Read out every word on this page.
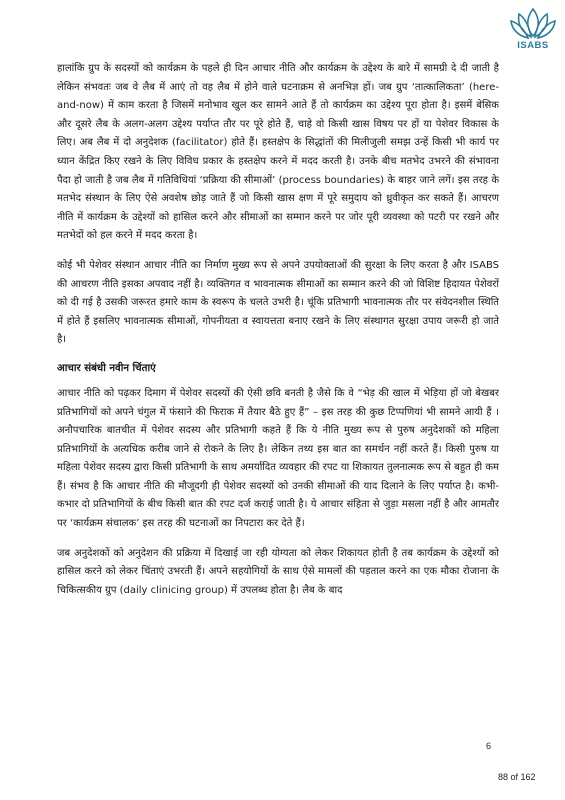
ISABS

हालांकि ग्रुप के सदस्यों को कार्यक्रम के पहले ही दिन आचार नीति और कार्यक्रम के उद्देश्य के बारे में सामग्री दे दी जाती है लेकिन संभवतः जब वे लैब में आएं तो वह लैब में होने वाले घटनाक्रम से अनभिज्ञ हों। जब ग्रुप ‘तात्कालिकता’ (here-and-now) में काम करता है जिसमें मनोभाव खुल कर सामने आते हैं तो कार्यक्रम का उद्देश्य पूरा होता है। इसमें बेसिक और दूसरे लैब के अलग-अलग उद्देश्य पर्याप्त तौर पर पूरे होते हैं, चाहे वो किसी खास विषय पर हों या पेशेवर विकास के लिए। अब लैब में दो अनुदेशक (facilitator) होते हैं। हस्तक्षेप के सिद्धांतों की मिलीजुली समझ उन्हें किसी भी कार्य पर ध्यान केंद्रित किए रखने के लिए विविध प्रकार के हस्तक्षेप करने में मदद करती है। उनके बीच मतभेद उभरने की संभावना पैदा हो जाती है जब लैब में गतिविधियां ‘प्रक्रिया की सीमाओं’ (process boundaries) के बाहर जाने लगें। इस तरह के मतभेद संस्थान के लिए ऐसे अवशेष छोड़ जाते हैं जो किसी खास क्षण में पूरे समुदाय को ध्रुवीकृत कर सकते हैं। आचरण नीति में कार्यक्रम के उद्देश्यों को हासिल करने और सीमाओं का सम्मान करने पर जोर पूरी व्यवस्था को पटरी पर रखने और मतभेदों को हल करने में मदद करता है।

कोई भी पेशेवर संस्थान आचार नीति का निर्माण मुख्य रूप से अपने उपयोक्ताओं की सुरक्षा के लिए करता है और ISABS की आचरण नीति इसका अपवाद नहीं है। व्यक्तिगत व भावनात्मक सीमाओं का सम्मान करने की जो विशिष्ट हिदायत पेशेवरों को दी गई है उसकी जरूरत हमारे काम के स्वरूप के चलते उभरी है। चूंकि प्रतिभागी भावनात्मक तौर पर संवेदनशील स्थिति में होते हैं इसलिए भावनात्मक सीमाओं, गोपनीयता व स्वायत्तता बनाए रखने के लिए संस्थागत सुरक्षा उपाय जरूरी हो जाते है।

आचार संबंधी नवीन चिंताएं

आचार नीति को पढ़कर दिमाग में पेशेवर सदस्यों की ऐसी छवि बनती है जैसे कि वे “भेड़ की खाल में भेड़िया हों जो बेखबर प्रतिभागियों को अपने चंगुल में फंसाने की फिराक में तैयार बैठे हुए हैं” – इस तरह की कुछ टिप्पणियां भी सामने आयी हैं । अनौपचारिक बातचीत में पेशेवर सदस्य और प्रतिभागी कहते हैं कि ये नीति मुख्य रूप से पुरुष अनुदेशकों को महिला प्रतिभागियों के अत्यधिक करीब जाने से रोकने के लिए है। लेकिन तथ्य इस बात का समर्थन नहीं करते हैं। किसी पुरुष या महिला पेशेवर सदस्य द्वारा किसी प्रतिभागी के साथ अमर्यादित व्यवहार की रपट या शिकायत तुलनात्मक रूप से बहुत ही कम हैं। संभव है कि आचार नीति की मौजूदगी ही पेशेवर सदस्यों को उनकी सीमाओं की याद दिलाने के लिए पर्याप्त है। कभी-कभार दो प्रतिभागियों के बीच किसी बात की रपट दर्ज कराई जाती है। ये आचार संहिता से जुड़ा मसला नहीं है और आमतौर पर ‘कार्यक्रम संचालक’ इस तरह की घटनाओं का निपटारा कर देते हैं।

जब अनुदेशकों को अनुदेशन की प्रक्रिया में दिखाई जा रही योग्यता को लेकर शिकायत होती है तब कार्यक्रम के उद्देश्यों को हासिल करने को लेकर चिंताएं उभरती हैं। अपने सहयोगियों के साथ ऐसे मामलों की पड़ताल करने का एक मौका रोजाना के चिकित्सकीय ग्रुप (daily clinicing group) में उपलब्ध होता है। लैब के बाद

6
88 of 162
